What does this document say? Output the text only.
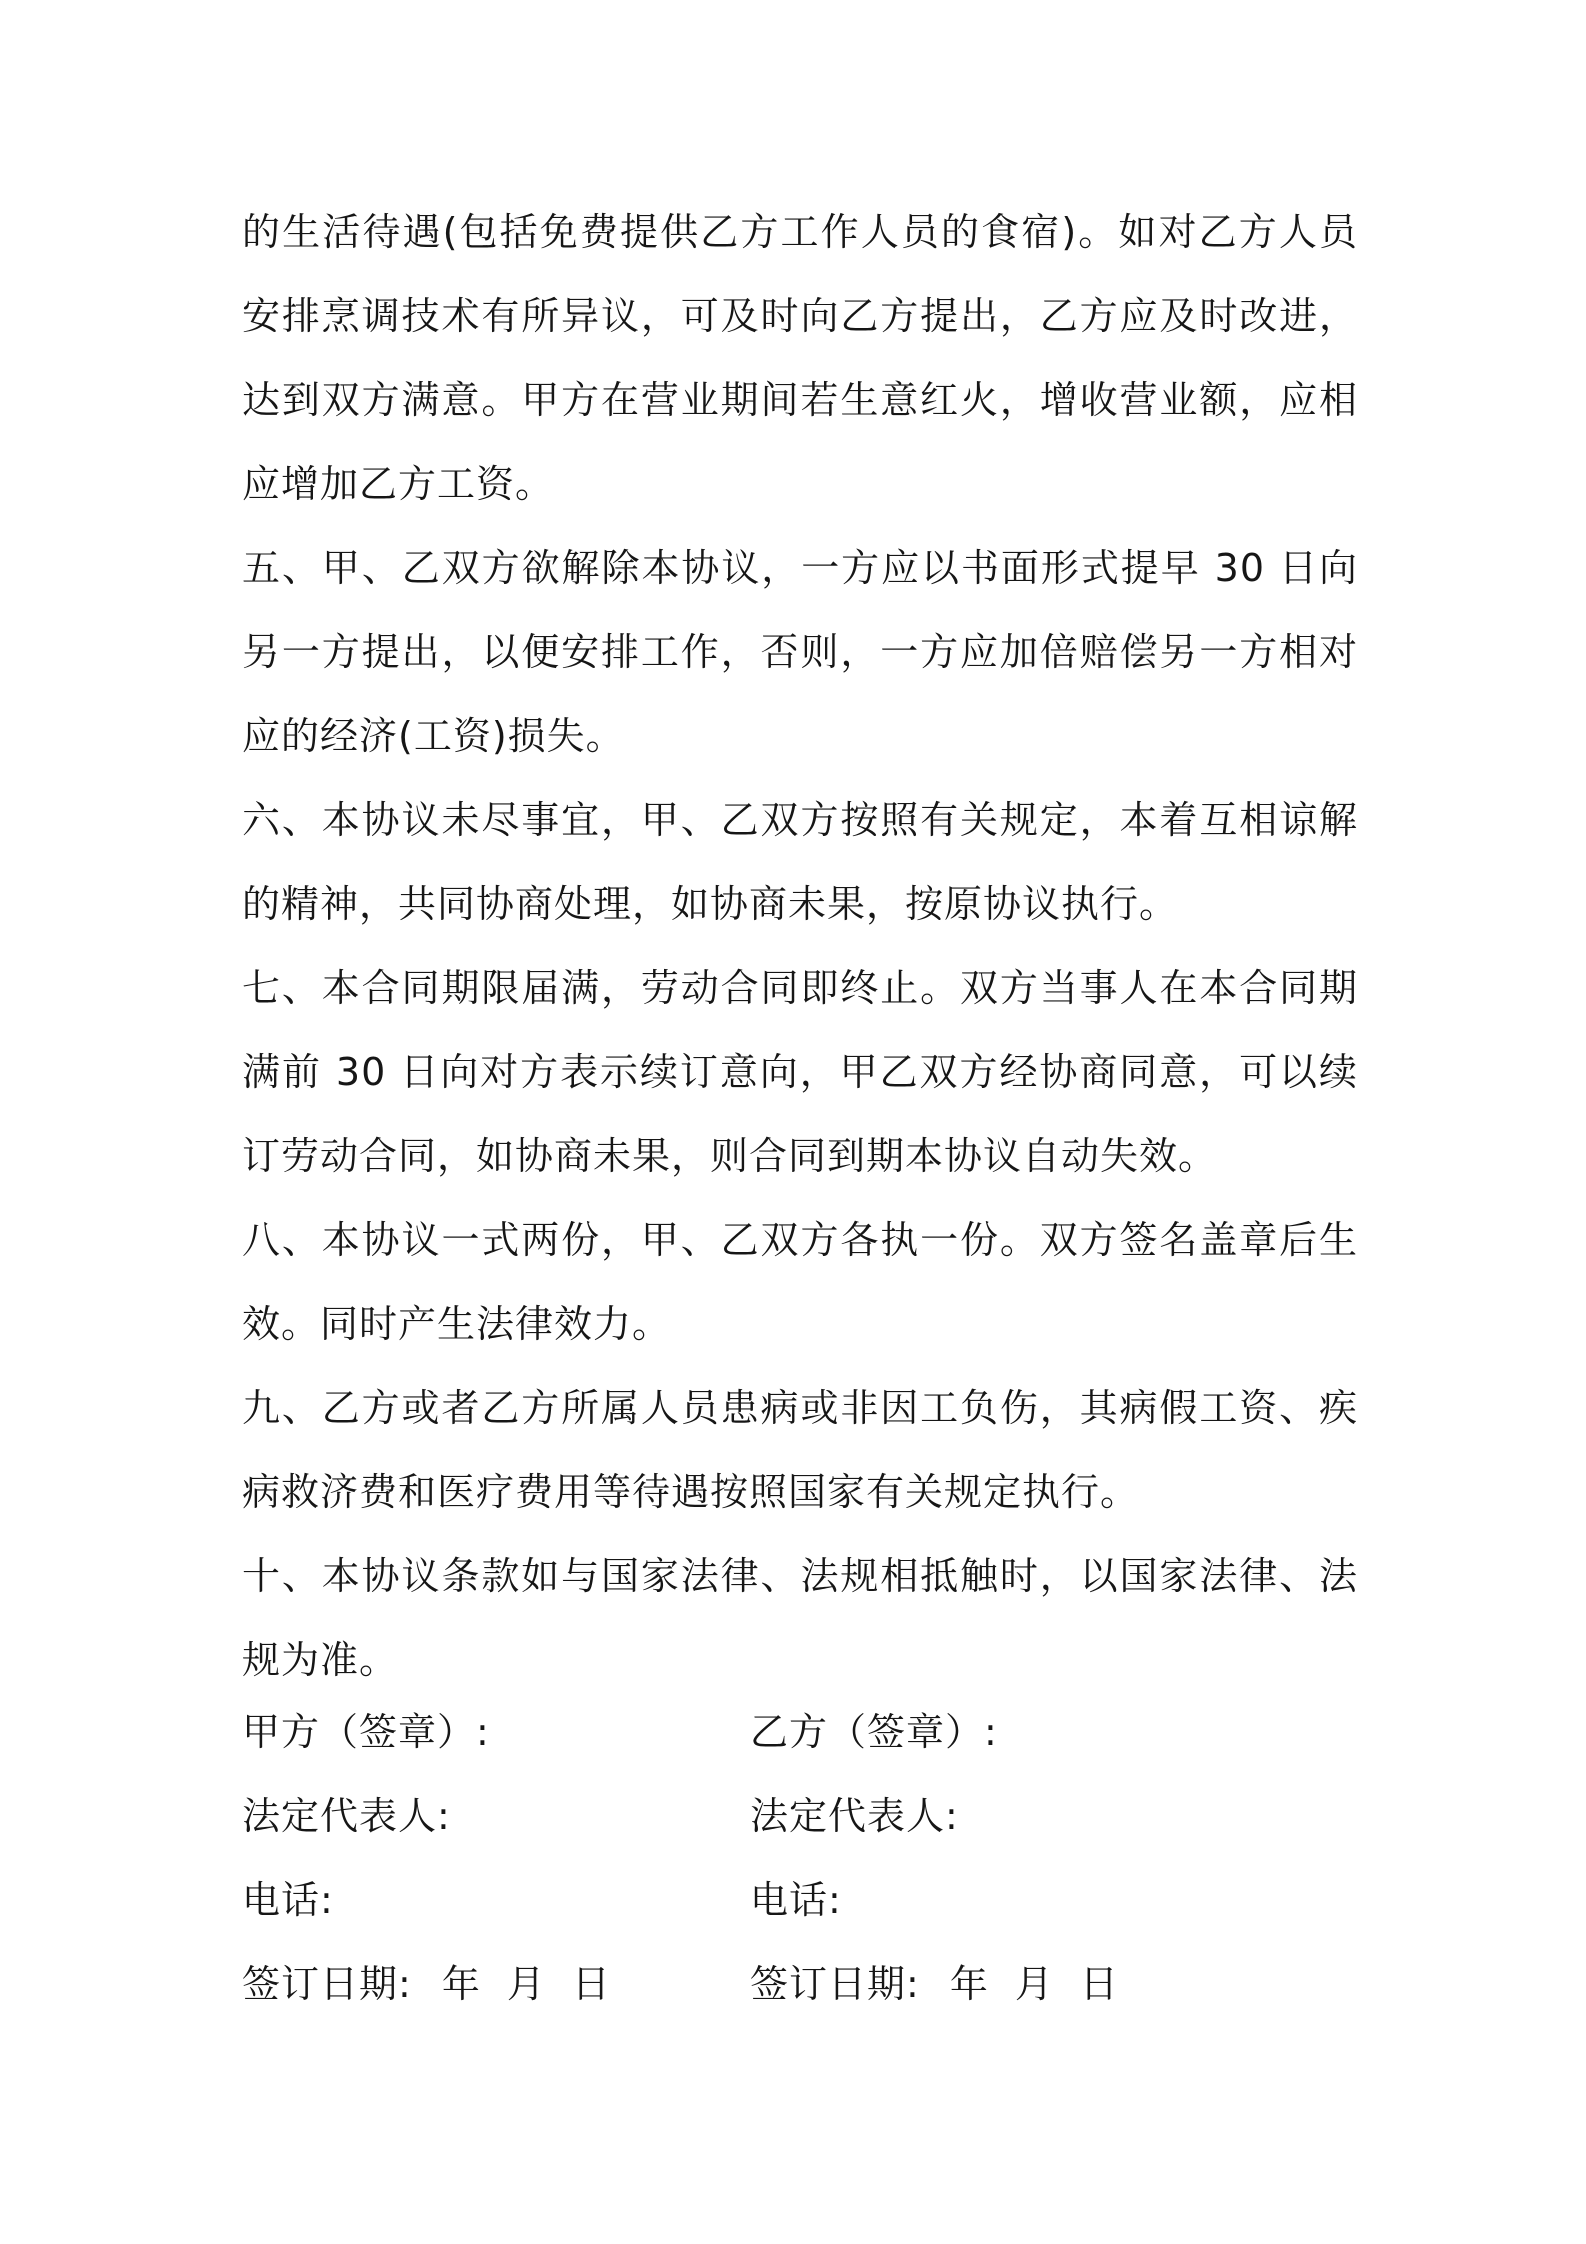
的生活待遇(包括免费提供乙方工作人员的食宿)。如对乙方人员安排烹调技术有所异议，可及时向乙方提出，乙方应及时改进，达到双方满意。甲方在营业期间若生意红火，增收营业额，应相应增加乙方工资。

五、甲、乙双方欲解除本协议，一方应以书面形式提早 30 日向另一方提出，以便安排工作，否则，一方应加倍赔偿另一方相对应的经济(工资)损失。

六、本协议未尽事宜，甲、乙双方按照有关规定，本着互相谅解的精神，共同协商处理，如协商未果，按原协议执行。

七、本合同期限届满，劳动合同即终止。双方当事人在本合同期满前 30 日向对方表示续订意向，甲乙双方经协商同意，可以续订劳动合同，如协商未果，则合同到期本协议自动失效。

八、本协议一式两份，甲、乙双方各执一份。双方签名盖章后生效。同时产生法律效力。

九、乙方或者乙方所属人员患病或非因工负伤，其病假工资、疾病救济费和医疗费用等待遇按照国家有关规定执行。

十、本协议条款如与国家法律、法规相抵触时，以国家法律、法规为准。

甲方（签章）:	乙方（签章）:
法定代表人:	法定代表人:
电话:	电话:
签订日期: 年 月 日	签订日期: 年 月 日
